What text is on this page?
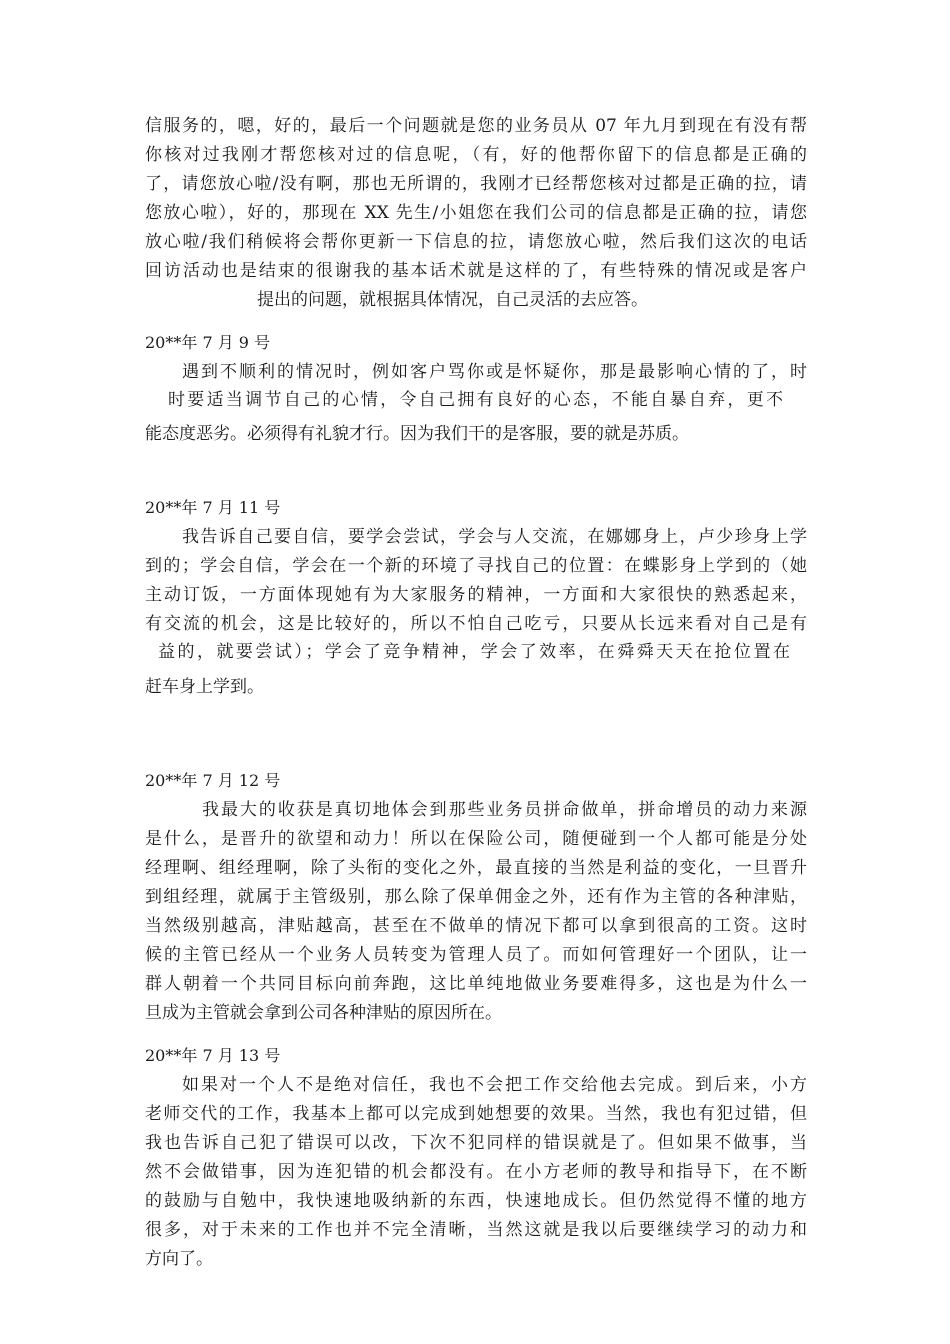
信服务的，嗯，好的，最后一个问题就是您的业务员从 07 年九月到现在有没有帮
你核对过我刚才帮您核对过的信息呢，（有，好的他帮你留下的信息都是正确的
了，请您放心啦/没有啊，那也无所谓的，我刚才已经帮您核对过都是正确的拉，请
您放心啦），好的，那现在 XX 先生/小姐您在我们公司的信息都是正确的拉，请您
放心啦/我们稍候将会帮你更新一下信息的拉，请您放心啦，然后我们这次的电话
回访活动也是结束的很谢我的基本话术就是这样的了，有些特殊的情况或是客户
提出的问题，就根据具体情况，自己灵活的去应答。
20**年 7 月 9 号
遇到不顺利的情况时，例如客户骂你或是怀疑你，那是最影响心情的了，时
时要适当调节自己的心情，令自己拥有良好的心态，不能自暴自弃，更不
能态度恶劣。必须得有礼貌才行。因为我们干的是客服，要的就是苏质。
20**年 7 月 11 号
我告诉自己要自信，要学会尝试，学会与人交流，在娜娜身上，卢少珍身上学
到的；学会自信，学会在一个新的环境了寻找自己的位置：在蝶影身上学到的（她
主动订饭，一方面体现她有为大家服务的精神，一方面和大家很快的熟悉起来，
有交流的机会，这是比较好的，所以不怕自己吃亏，只要从长远来看对自己是有
益的，就要尝试）；学会了竞争精神，学会了效率，在舜舜天天在抢位置在
赶车身上学到。
20**年 7 月 12 号
我最大的收获是真切地体会到那些业务员拼命做单，拼命增员的动力来源
是什么，是晋升的欲望和动力！所以在保险公司，随便碰到一个人都可能是分处
经理啊、组经理啊，除了头衔的变化之外，最直接的当然是利益的变化，一旦晋升
到组经理，就属于主管级别，那么除了保单佣金之外，还有作为主管的各种津贴，
当然级别越高，津贴越高，甚至在不做单的情况下都可以拿到很高的工资。这时
候的主管已经从一个业务人员转变为管理人员了。而如何管理好一个团队，让一
群人朝着一个共同目标向前奔跑，这比单纯地做业务要难得多，这也是为什么一
旦成为主管就会拿到公司各种津贴的原因所在。
20**年 7 月 13 号
如果对一个人不是绝对信任，我也不会把工作交给他去完成。到后来，小方
老师交代的工作，我基本上都可以完成到她想要的效果。当然，我也有犯过错，但
我也告诉自己犯了错误可以改，下次不犯同样的错误就是了。但如果不做事，当
然不会做错事，因为连犯错的机会都没有。在小方老师的教导和指导下，在不断
的鼓励与自勉中，我快速地吸纳新的东西，快速地成长。但仍然觉得不懂的地方
很多，对于未来的工作也并不完全清晰，当然这就是我以后要继续学习的动力和
方向了。
